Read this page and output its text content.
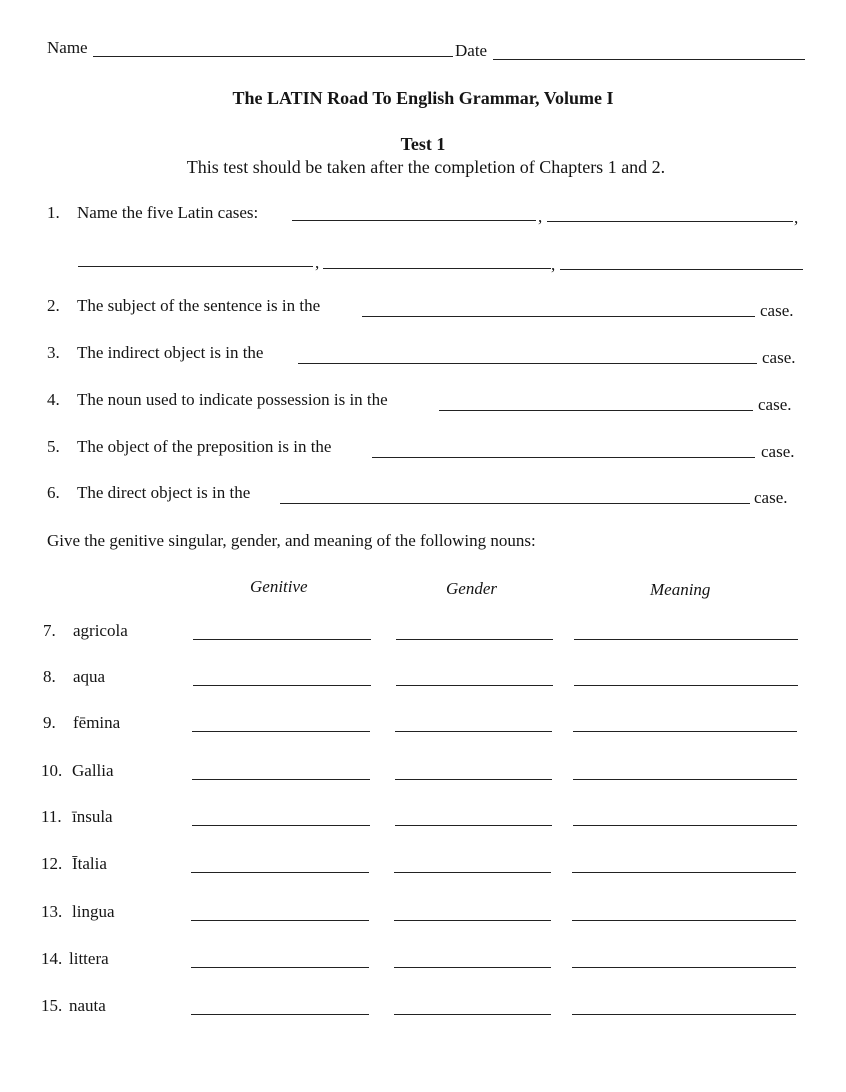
Name	Date
The LATIN Road To English Grammar, Volume I
Test 1
This test should be taken after the completion of Chapters 1 and 2.
1. Name the five Latin cases:	,	,
,	,
2. The subject of the sentence is in the	case.
3. The indirect object is in the	case.
4. The noun used to indicate possession is in the	case.
5. The object of the preposition is in the	case.
6. The direct object is in the	case.
Give the genitive singular, gender, and meaning of the following nouns:
Genitive	Gender	Meaning
7. agricola
8. aqua
9. fēmina
10. Gallia
11. īnsula
12. Ītalia
13. lingua
14. littera
15. nauta
